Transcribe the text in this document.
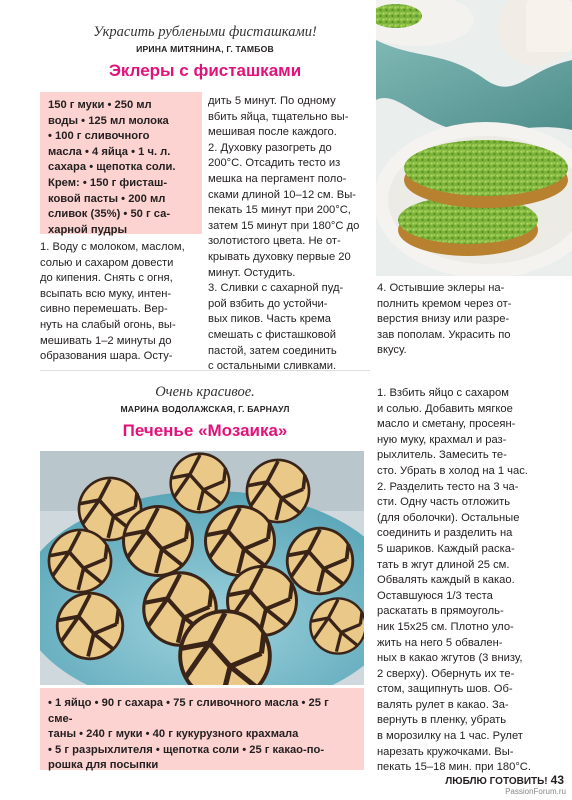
Украсить рублеными фисташками!
ИРИНА МИТЯНИНА, Г. ТАМБОВ
Эклеры с фисташками
150 г муки • 250 мл
воды • 125 мл молока
• 100 г сливочного
масла • 4 яйца • 1 ч. л.
сахара • щепотка соли.
Крем: • 150 г фисташ-
ковой пасты • 200 мл
сливок (35%) • 50 г са-
харной пудры

1. Воду с молоком, маслом,

солью и сахаром довести

до кипения. Снять с огня,

всыпать всю муку, интен-

сивно перемешать. Вер-

нуть на слабый огонь, вы-

мешивать 1–2 минуты до

образования шара. Осту-

дить 5 минут. По одному

вбить яйца, тщательно вы-

мешивая после каждого.

2. Духовку разогреть до

200°С. Отсадить тесто из

мешка на пергамент поло-

сками длиной 10–12 см. Вы-

пекать 15 минут при 200°С,

затем 15 минут при 180°С до

золотистого цвета. Не от-

крывать духовку первые 20

минут. Остудить.

3. Сливки с сахарной пуд-

рой взбить до устойчи-

вых пиков. Часть крема

смешать с фисташковой

пастой, затем соединить

с остальными сливками.

4. Остывшие эклеры на-

полнить кремом через от-

верстия внизу или разре-

зав пополам. Украсить по

вкусу.

Очень красивое.
МАРИНА ВОДОЛАЖСКАЯ, Г. БАРНАУЛ
Печенье «Мозаика»
• 1 яйцо • 90 г сахара • 75 г сливочного масла • 25 г сме-
таны • 240 г муки • 40 г кукурузного крахмала
• 5 г разрыхлителя • щепотка соли • 25 г какао-по-
рошка для посыпки

1. Взбить яйцо с сахаром

и солью. Добавить мягкое

масло и сметану, просеян-

ную муку, крахмал и раз-

рыхлитель. Замесить те-

сто. Убрать в холод на 1 час.

2. Разделить тесто на 3 ча-

сти. Одну часть отложить

(для оболочки). Остальные

соединить и разделить на

5 шариков. Каждый раска-

тать в жгут длиной 25 см.

Обвалять каждый в какао.

Оставшуюся 1/3 теста

раскатать в прямоуголь-

ник 15х25 см. Плотно уло-

жить на него 5 обвален-

ных в какао жгутов (3 внизу,

2 сверху). Обернуть их те-

стом, защипнуть шов. Об-

валять рулет в какао. За-

вернуть в пленку, убрать

в морозилку на 1 час. Рулет

нарезать кружочками. Вы-

пекать 15–18 мин. при 180°С.

ЛЮБЛЮ ГОТОВИТЬ! 43
PassionForum.ru
